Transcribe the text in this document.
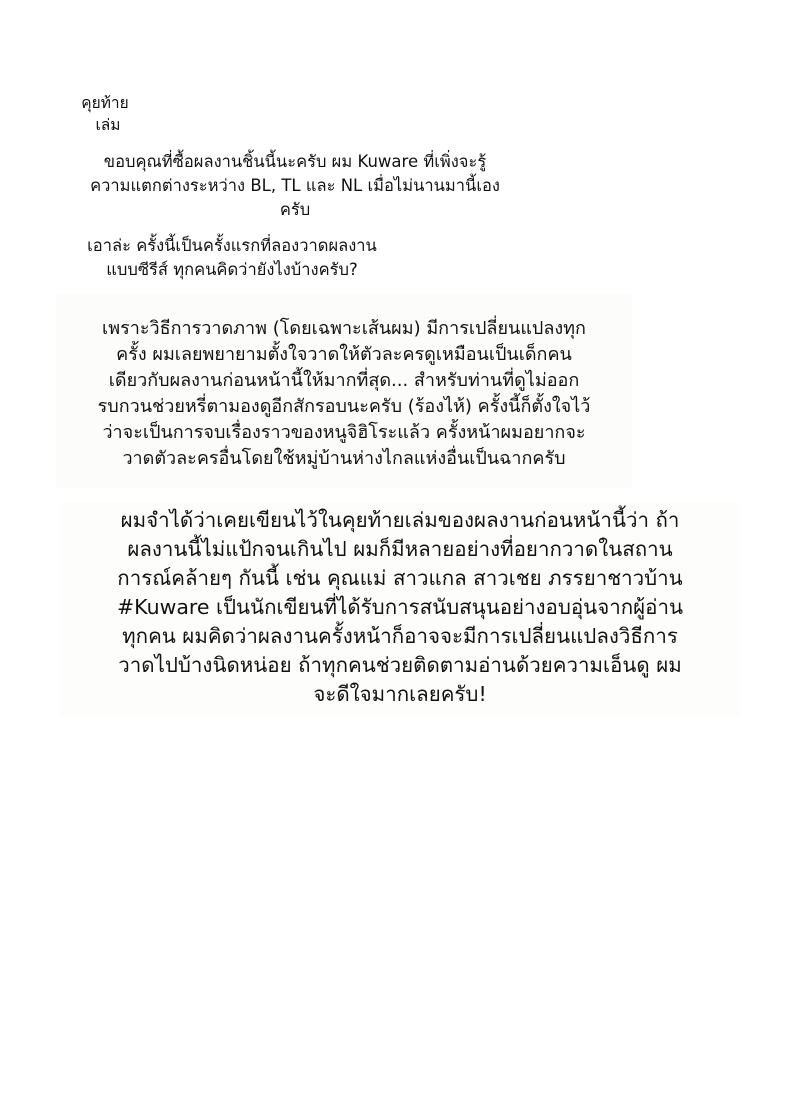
คุยท้าย
เล่ม
ขอบคุณที่ซื้อผลงานชิ้นนี้นะครับ ผม Kuware ที่เพิ่งจะรู้
ความแตกต่างระหว่าง BL, TL และ NL เมื่อไม่นานมานี้เอง
ครับ
เอาล่ะ ครั้งนี้เป็นครั้งแรกที่ลองวาดผลงาน
แบบซีรีส์ ทุกคนคิดว่ายังไงบ้างครับ?
เพราะวิธีการวาดภาพ (โดยเฉพาะเส้นผม) มีการเปลี่ยนแปลงทุก
ครั้ง ผมเลยพยายามตั้งใจวาดให้ตัวละครดูเหมือนเป็นเด็กคน
เดียวกับผลงานก่อนหน้านี้ให้มากที่สุด... สำหรับท่านที่ดูไม่ออก
รบกวนช่วยหรี่ตามองดูอีกสักรอบนะครับ (ร้องไห้) ครั้งนี้ก็ตั้งใจไว้
ว่าจะเป็นการจบเรื่องราวของหนูจิฮิโระแล้ว ครั้งหน้าผมอยากจะ
วาดตัวละครอื่นโดยใช้หมู่บ้านห่างไกลแห่งอื่นเป็นฉากครับ
ผมจำได้ว่าเคยเขียนไว้ในคุยท้ายเล่มของผลงานก่อนหน้านี้ว่า ถ้า
ผลงานนี้ไม่แป้กจนเกินไป ผมก็มีหลายอย่างที่อยากวาดในสถาน
การณ์คล้ายๆ กันนี้ เช่น คุณแม่ สาวแกล สาวเชย ภรรยาชาวบ้าน
#Kuware เป็นนักเขียนที่ได้รับการสนับสนุนอย่างอบอุ่นจากผู้อ่าน
ทุกคน ผมคิดว่าผลงานครั้งหน้าก็อาจจะมีการเปลี่ยนแปลงวิธีการ
วาดไปบ้างนิดหน่อย ถ้าทุกคนช่วยติดตามอ่านด้วยความเอ็นดู ผม
จะดีใจมากเลยครับ!
